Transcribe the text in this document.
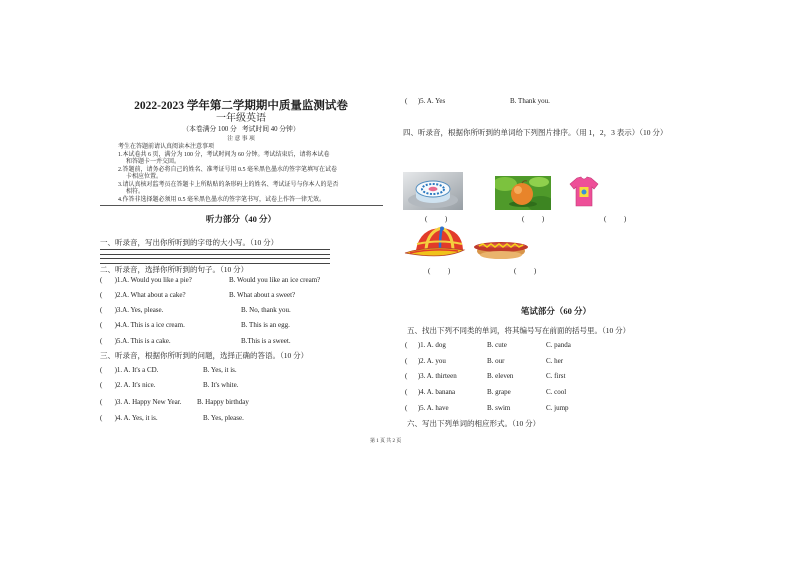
2022-2023 学年第二学期期中质量监测试卷
一年级英语
（本卷满分 100 分   考试时间 40 分钟）
注 意 事 项
考生在答题前请认真阅读本注意事项
1.本试卷共 6 页，满分为 100 分，考试时间为 60 分钟。考试结束后，请将本试卷
和答题卡一并交回。
2.答题前，请务必将自己的姓名、准考证号用 0.5 毫米黑色墨水的签字笔填写在试卷
卡相应位置。
3.请认真核对监考员在答题卡上所粘贴的条形码上的姓名、考试证号与你本人的是否
相符。
4.作答非选择题必须用 0.5 毫米黑色墨水的签字笔书写，试卷上作答一律无效。
听力部分（40 分）
一、听录音，写出你所听到的字母的大小写。（10 分）
二、听录音，选择你所听到的句子。（10 分）
(       )1.A. Would you like a pie?	B. Would you like an ice cream?
(       )2.A. What about a cake?	B. What about a sweet?
(       )3.A. Yes, please.	B. No, thank you.
(       )4.A. This is a ice cream.	B. This is an egg.
(       )5.A. This is a cake.	B.This is a sweet.
三、听录音，根据你所听到的问题，选择正确的答语。（10 分）
(       )1. A. It's a CD.	B. Yes, it is.
(       )2. A. It's nice.	B. It's white.
(       )3. A. Happy New Year. B. Happy birthday
(       )4. A. Yes, it is.	B. Yes, please.
(      )5. A. Yes	B. Thank you.
四、听录音，根据你所听到的单词给下列图片排序。（用 1，2，3 表示）（10 分）
(          )	(          )	(          )
(          )	(          )
笔试部分（60 分）
五、找出下列不同类的单词，将其编号写在前面的括号里。（10 分）
(      )1. A. dog	B. cute	C. panda
(      )2. A. you	B. our	C. her
(      )3. A. thirteen	B. eleven	C. first
(      )4. A. banana	B. grape	C. cool
(      )5. A. have	B. swim	C. jump
六、写出下列单词的相应形式。（10 分）
第 1 页 共 2 页
